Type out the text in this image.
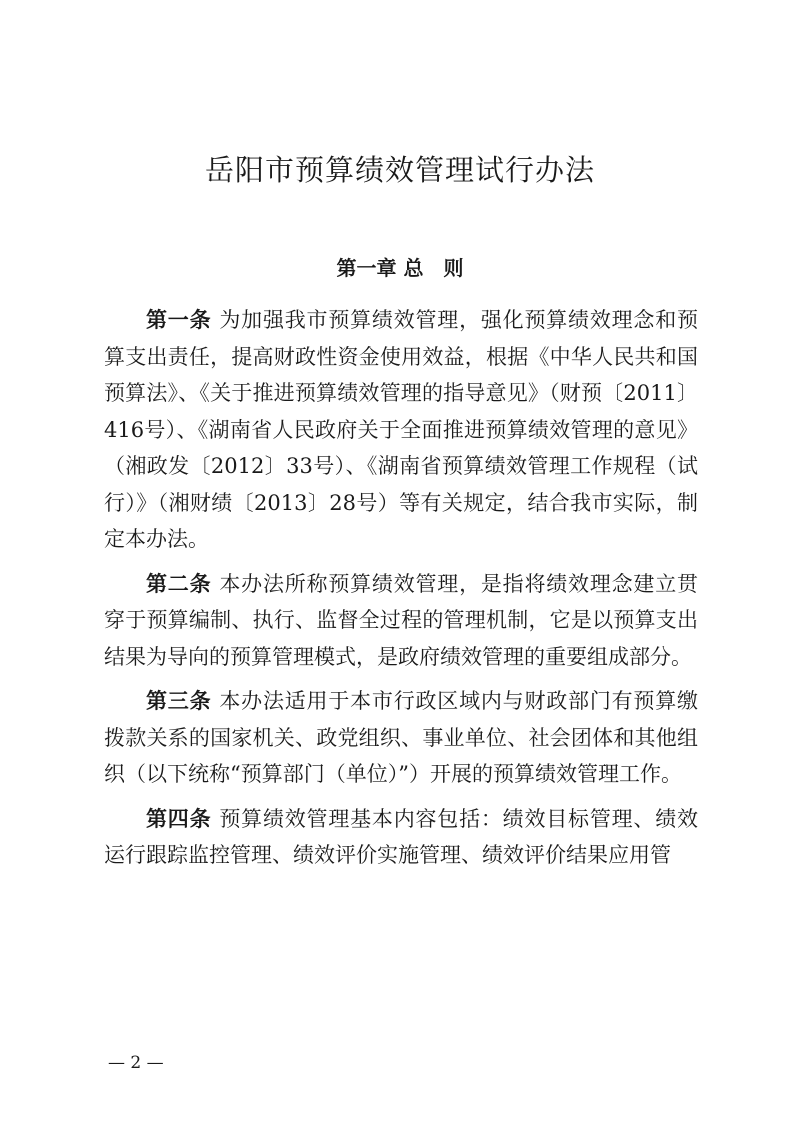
岳阳市预算绩效管理试行办法
第一章 总　则

第一条 为加强我市预算绩效管理，强化预算绩效理念和预算支出责任，提高财政性资金使用效益，根据《中华人民共和国预算法》、《关于推进预算绩效管理的指导意见》（财预〔2011〕416号）、《湖南省人民政府关于全面推进预算绩效管理的意见》（湘政发〔2012〕33号）、《湖南省预算绩效管理工作规程（试行）》（湘财绩〔2013〕28号）等有关规定，结合我市实际，制定本办法。

第二条 本办法所称预算绩效管理，是指将绩效理念建立贯穿于预算编制、执行、监督全过程的管理机制，它是以预算支出结果为导向的预算管理模式，是政府绩效管理的重要组成部分。

第三条 本办法适用于本市行政区域内与财政部门有预算缴拨款关系的国家机关、政党组织、事业单位、社会团体和其他组织（以下统称“预算部门（单位）”）开展的预算绩效管理工作。

第四条 预算绩效管理基本内容包括：绩效目标管理、绩效运行跟踪监控管理、绩效评价实施管理、绩效评价结果应用管

— 2 —
